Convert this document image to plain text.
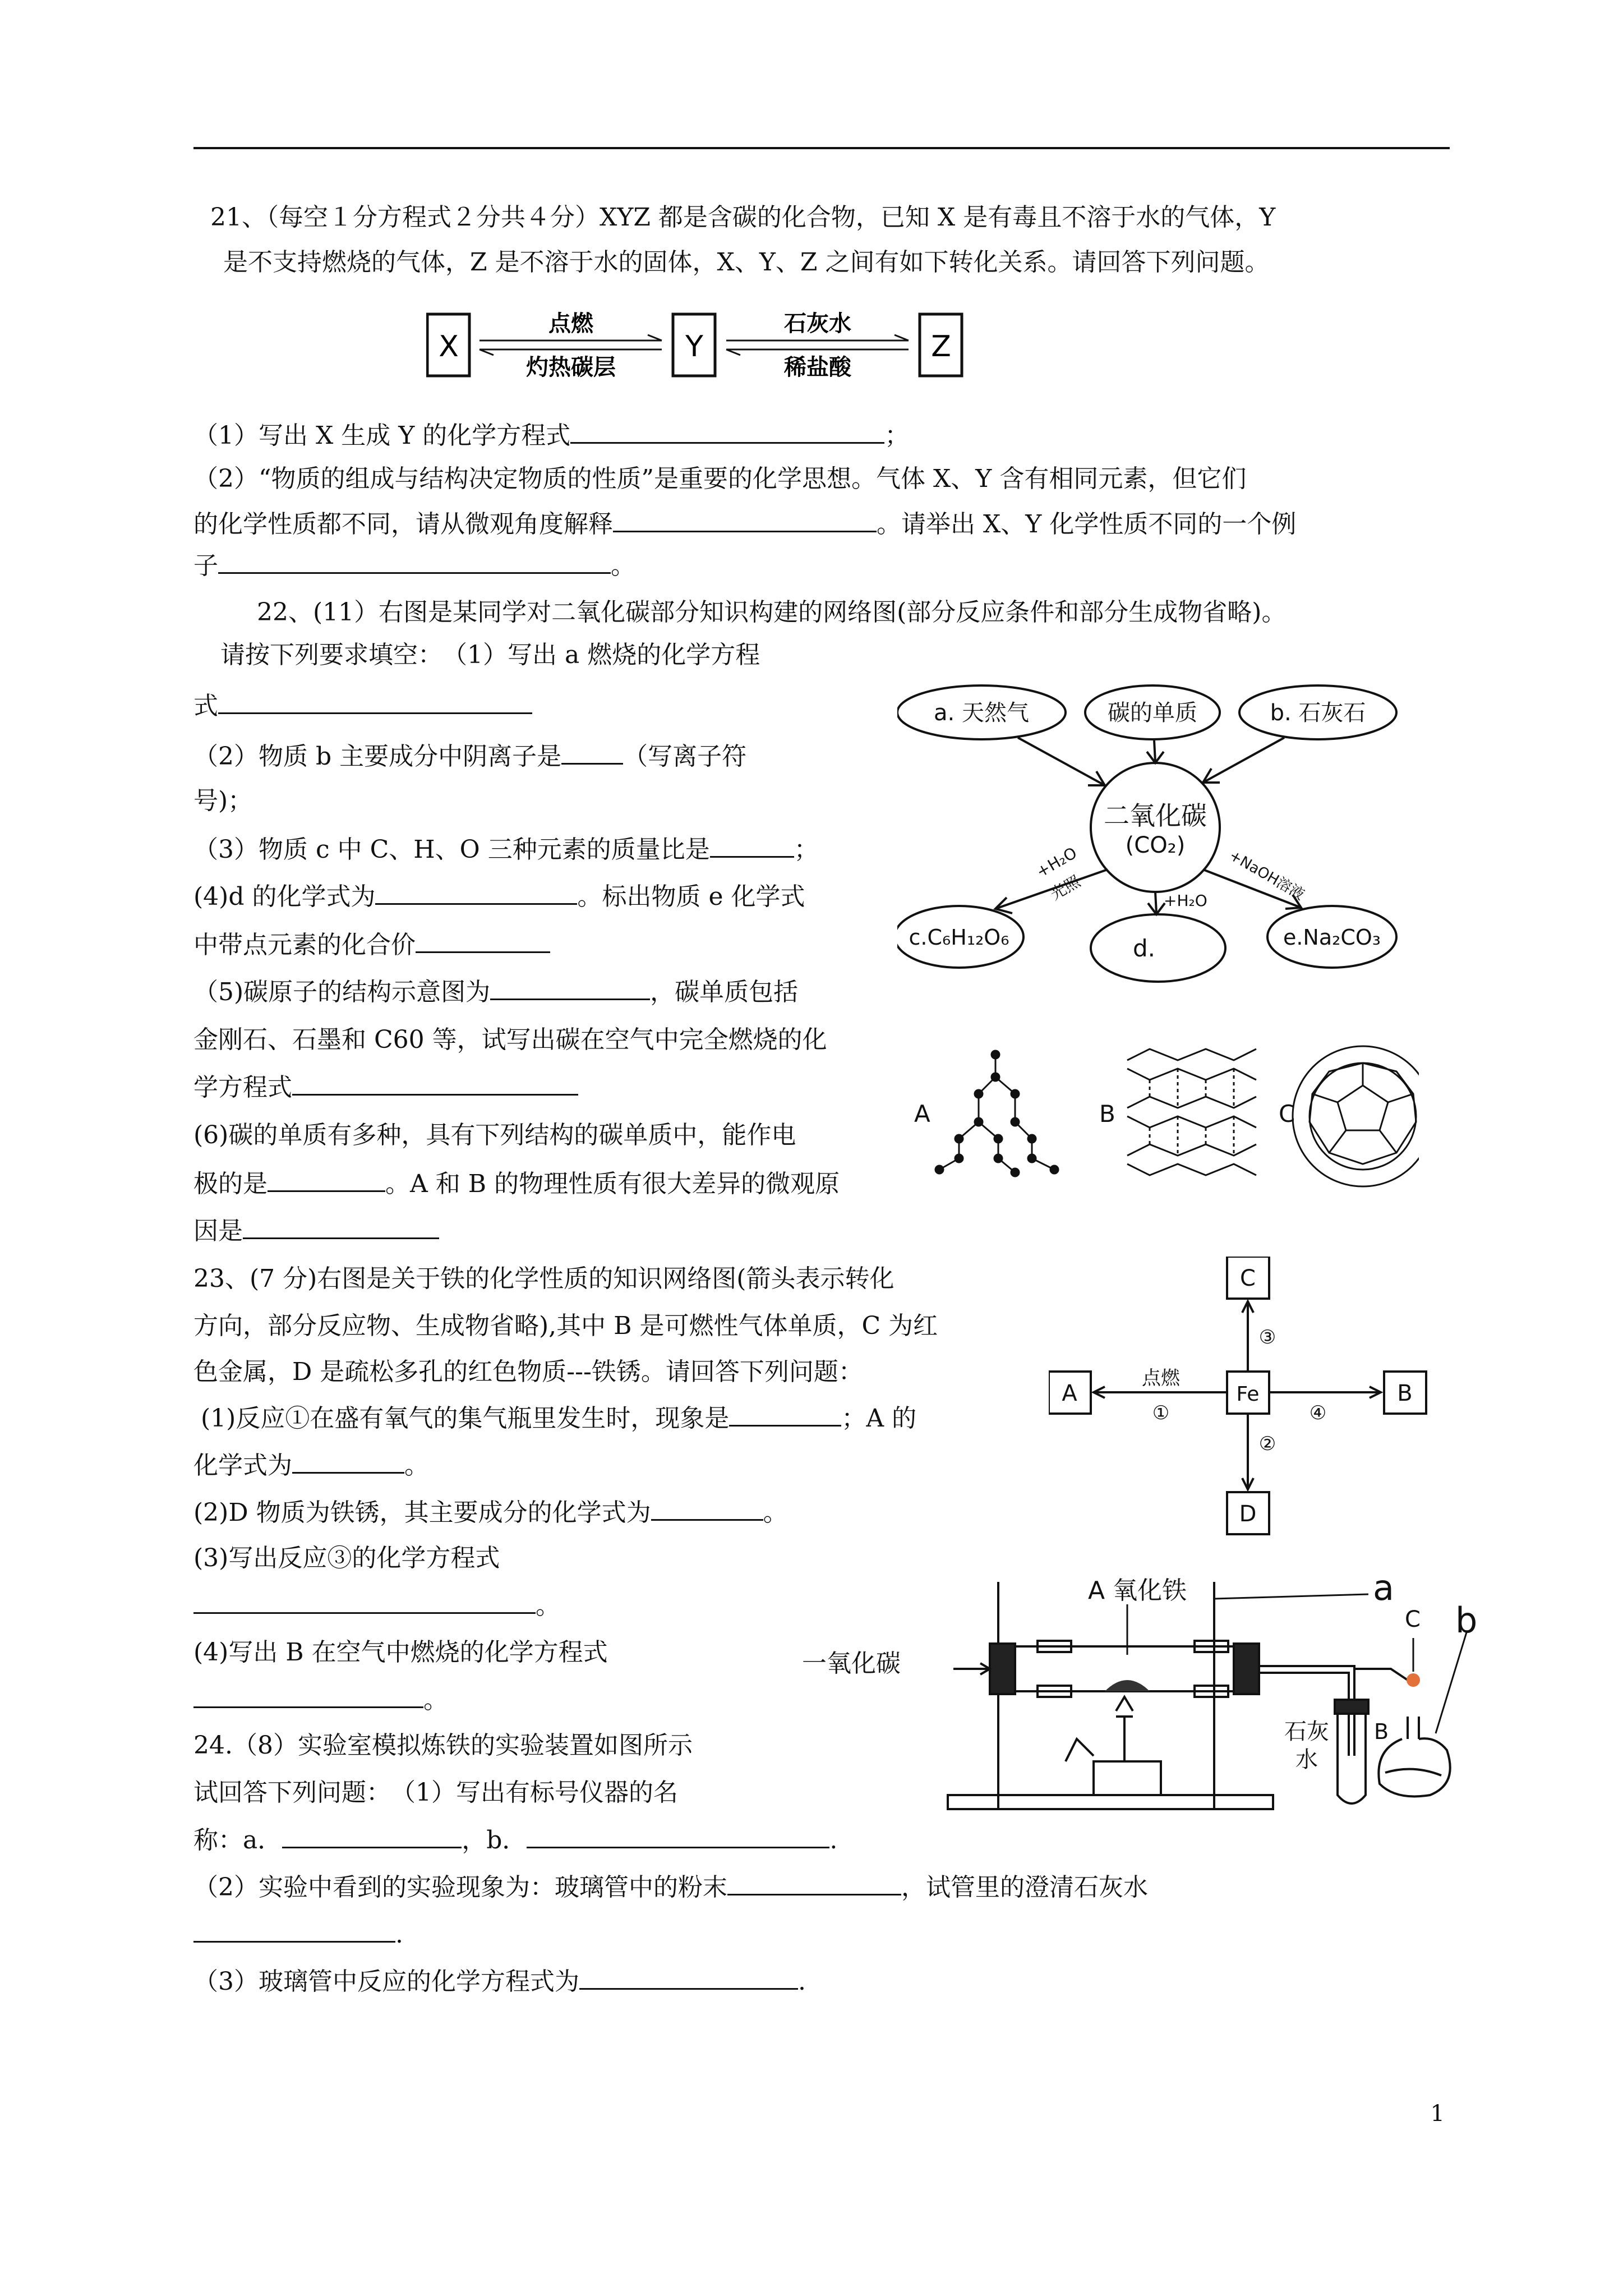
21、（每空１分方程式２分共４分）XYZ 都是含碳的化合物，已知 X 是有毒且不溶于水的气体，Y
是不支持燃烧的气体，Z 是不溶于水的固体，X、Y、Z 之间有如下转化关系。请回答下列问题。
X	Y	Z
点燃
灼热碳层
石灰水
稀盐酸
（1）写出 X 生成 Y 的化学方程式	；
（2）“物质的组成与结构决定物质的性质”是重要的化学思想。气体 X、Y 含有相同元素，但它们
的化学性质都不同，请从微观角度解释	。请举出 X、Y 化学性质不同的一个例
子	。
22、(11）右图是某同学对二氧化碳部分知识构建的网络图(部分反应条件和部分生成物省略)。
请按下列要求填空：　（1）写出 a 燃烧的化学方程
式
（2）物质 b 主要成分中阴离子是	（写离子符
号)；
（3）物质 c 中 C、H、O 三种元素的质量比是	；
(4)d 的化学式为	。标出物质 e 化学式
中带点元素的化合价
（5)碳原子的结构示意图为	，碳单质包括
金刚石、石墨和 C60 等，试写出碳在空气中完全燃烧的化
学方程式
(6)碳的单质有多种，具有下列结构的碳单质中，能作电
极的是	。A 和 B 的物理性质有很大差异的微观原
因是
a. 天然气	碳的单质	b. 石灰石
二氧化碳
(CO₂)
c.C₆H₁₂O₆	d.	e.Na₂CO₃
+H₂O
光照	+H₂O +NaOH溶液
A	B	C
23、(7 分)右图是关于铁的化学性质的知识网络图(箭头表示转化
方向，部分反应物、生成物省略),其中 B 是可燃性气体单质，C 为红
色金属，D 是疏松多孔的红色物质---铁锈。请回答下列问题：
(1)反应①在盛有氧气的集气瓶里发生时，现象是	；A 的
化学式为	。
(2)D 物质为铁锈，其主要成分的化学式为	。
(3)写出反应③的化学方程式
。
(4)写出 B 在空气中燃烧的化学方程式
。
C
A	Fe	B
D
点燃
①
②
③
④
24.（8）实验室模拟炼铁的实验装置如图所示
试回答下列问题：　（1）写出有标号仪器的名
称：a．	，b．	.
（2）实验中看到的实验现象为：玻璃管中的粉末	，试管里的澄清石灰水
.
（3）玻璃管中反应的化学方程式为	.
一氧化碳
A 氧化铁	a
b
C
B
石灰
水
1
